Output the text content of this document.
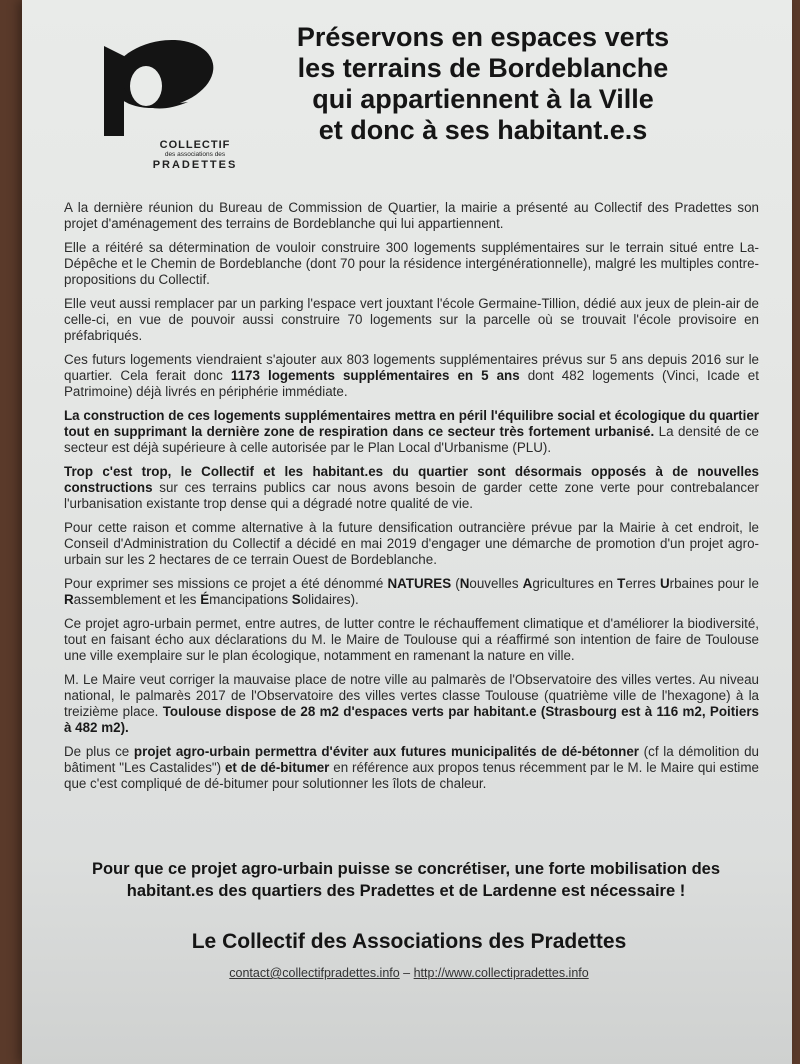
COLLECTIF
des associations des
PRADETTES
Préservons en espaces verts
les terrains de Bordeblanche
qui appartiennent à la Ville
et donc à ses habitant.e.s

A la dernière réunion du Bureau de Commission de Quartier, la mairie a présenté au Collectif des Pradettes son projet d'aménagement des terrains de Bordeblanche qui lui appartiennent.

Elle a réitéré sa détermination de vouloir construire 300 logements supplémentaires sur le terrain situé entre La-Dépêche et le Chemin de Bordeblanche (dont 70 pour la résidence intergénérationnelle), malgré les multiples contre-propositions du Collectif.

Elle veut aussi remplacer par un parking l'espace vert jouxtant l'école Germaine-Tillion, dédié aux jeux de plein-air de celle-ci, en vue de pouvoir aussi construire 70 logements sur la parcelle où se trouvait l'école provisoire en préfabriqués.

Ces futurs logements viendraient s'ajouter aux 803 logements supplémentaires prévus sur 5 ans depuis 2016 sur le quartier. Cela ferait donc 1173 logements supplémentaires en 5 ans dont 482 logements (Vinci, Icade et Patrimoine) déjà livrés en périphérie immédiate.

La construction de ces logements supplémentaires mettra en péril l'équilibre social et écologique du quartier tout en supprimant la dernière zone de respiration dans ce secteur très fortement urbanisé. La densité de ce secteur est déjà supérieure à celle autorisée par le Plan Local d'Urbanisme (PLU).

Trop c'est trop, le Collectif et les habitant.es du quartier sont désormais opposés à de nouvelles constructions sur ces terrains publics car nous avons besoin de garder cette zone verte pour contrebalancer l'urbanisation existante trop dense qui a dégradé notre qualité de vie.

Pour cette raison et comme alternative à la future densification outrancière prévue par la Mairie à cet endroit, le Conseil d'Administration du Collectif a décidé en mai 2019 d'engager une démarche de promotion d'un projet agro-urbain sur les 2 hectares de ce terrain Ouest de Bordeblanche.

Pour exprimer ses missions ce projet a été dénommé NATURES (Nouvelles Agricultures en Terres Urbaines pour le Rassemblement et les Émancipations Solidaires).

Ce projet agro-urbain permet, entre autres, de lutter contre le réchauffement climatique et d'améliorer la biodiversité, tout en faisant écho aux déclarations du M. le Maire de Toulouse qui a réaffirmé son intention de faire de Toulouse une ville exemplaire sur le plan écologique, notamment en ramenant la nature en ville.

M. Le Maire veut corriger la mauvaise place de notre ville au palmarès de l'Observatoire des villes vertes. Au niveau national, le palmarès 2017 de l'Observatoire des villes vertes classe Toulouse (quatrième ville de l'hexagone) à la treizième place. Toulouse dispose de 28 m2 d'espaces verts par habitant.e (Strasbourg est à 116 m2, Poitiers à 482 m2).

De plus ce projet agro-urbain permettra d'éviter aux futures municipalités de dé-bétonner (cf la démolition du bâtiment "Les Castalides") et de dé-bitumer en référence aux propos tenus récemment par le M. le Maire qui estime que c'est compliqué de dé-bitumer pour solutionner les îlots de chaleur.

Pour que ce projet agro-urbain puisse se concrétiser, une forte mobilisation des habitant.es des quartiers des Pradettes et de Lardenne est nécessaire !
Le Collectif des Associations des Pradettes
contact@collectifpradettes.info – http://www.collectipradettes.info
